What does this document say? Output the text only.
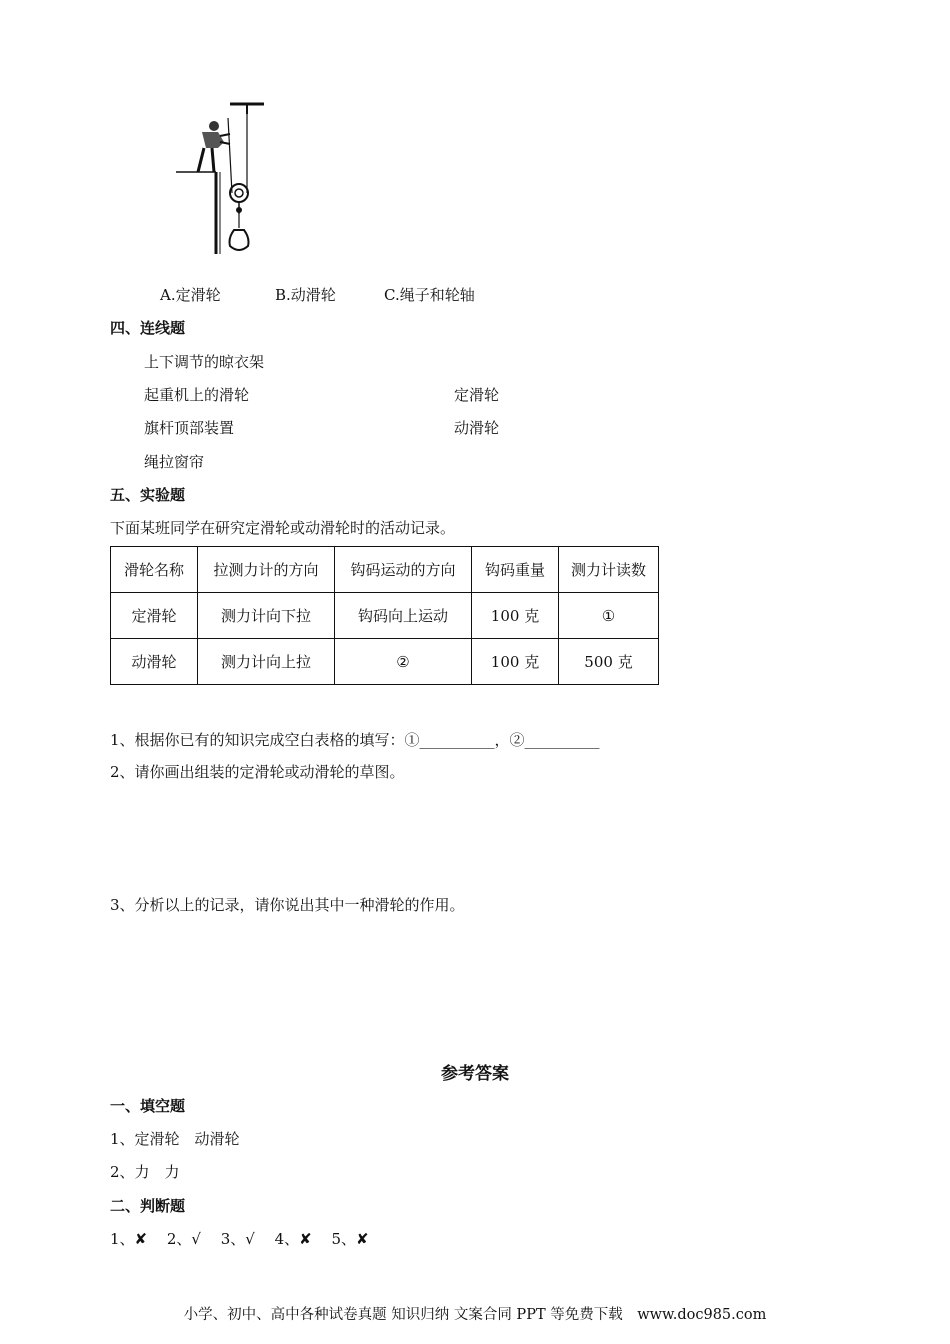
A.定滑轮	B.动滑轮	C.绳子和轮轴
四、连线题
上下调节的晾衣架
起重机上的滑轮
旗杆顶部装置
绳拉窗帘
定滑轮
动滑轮
五、实验题
下面某班同学在研究定滑轮或动滑轮时的活动记录。
滑轮名称	拉测力计的方向	钩码运动的方向	钩码重量	测力计读数
定滑轮	测力计向下拉	钩码向上运动	100 克	①
动滑轮	测力计向上拉	②	100 克	500 克
1、根据你已有的知识完成空白表格的填写：①__________，②__________
2、请你画出组装的定滑轮或动滑轮的草图。
3、分析以上的记录，请你说出其中一种滑轮的作用。
参考答案
一、填空题
1、定滑轮　动滑轮
2、力　力
二、判断题
1、✘　 2、√　 3、√　 4、✘　 5、✘
小学、初中、高中各种试卷真题 知识归纳 文案合同 PPT 等免费下载　www.doc985.com
